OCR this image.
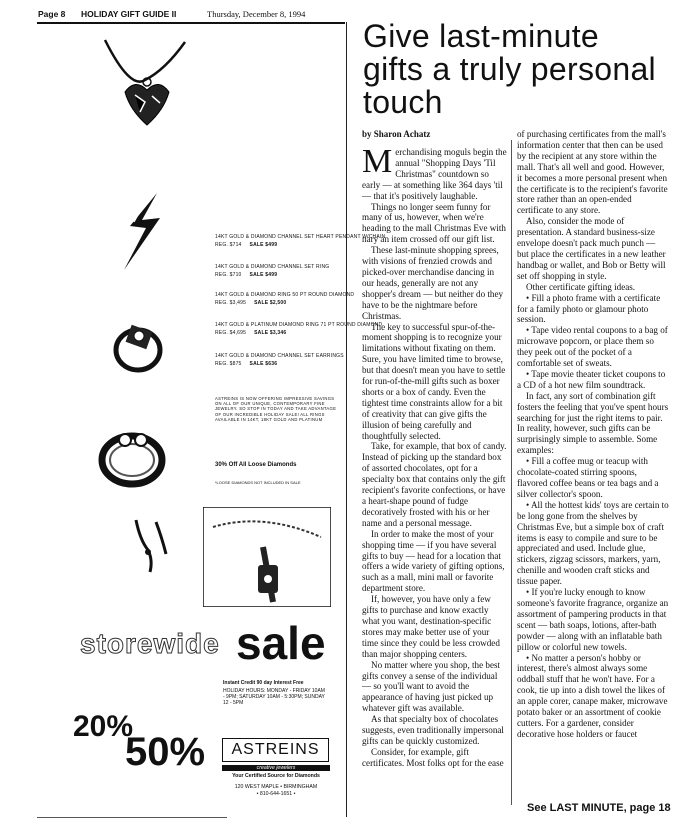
Page 8 HOLIDAY GIFT GUIDE II	Thursday, December 8, 1994
14KT GOLD & DIAMOND CHANNEL SET HEART PENDANT W/CHAIN
REG. $714 SALE $499
14KT GOLD & DIAMOND CHANNEL SET RING
REG. $710 SALE $499
14KT GOLD & DIAMOND RING 50 PT ROUND DIAMOND
REG. $3,495 SALE $2,500
14KT GOLD & PLATINUM DIAMOND RING 71 PT ROUND DIAMOND
REG. $4,695 SALE $3,346
14KT GOLD & DIAMOND CHANNEL SET EARRINGS
REG. $875 SALE $636
ASTREINS IS NOW OFFERING IMPRESSIVE SAVINGS ON ALL OF OUR UNIQUE, CONTEMPORARY FINE JEWELRY. SO STOP IN TODAY AND TAKE ADVANTAGE OF OUR INCREDIBLE HOLIDAY SALE! ALL RINGS AVAILABLE IN 14KT, 18KT GOLD AND PLATINUM
30% Off All Loose Diamonds
*LOOSE DIAMONDS NOT INCLUDED IN SALE
storewide sale
Instant Credit 90 day Interest Free
HOLIDAY HOURS: MONDAY - FRIDAY 10AM - 9PM; SATURDAY 10AM - 5:30PM; SUNDAY 12 - 5PM
20%
50%	ASTREINS
creative jewelers
Your Certified Source for Diamonds
120 WEST MAPLE • BIRMINGHAM
• 810-644-1651 •
Give last-minute gifts a truly personal touch
by Sharon Achatz

Merchandising moguls begin the annual "Shopping Days 'Til Christmas" countdown so early — at something like 364 days 'til — that it's positively laughable.

Things no longer seem funny for many of us, however, when we're heading to the mall Christmas Eve with nary an item crossed off our gift list.

These last-minute shopping sprees, with visions of frenzied crowds and picked-over merchandise dancing in our heads, generally are not any shopper's dream — but neither do they have to be the nightmare before Christmas.

The key to successful spur-of-the-moment shopping is to recognize your limitations without fixating on them. Sure, you have limited time to browse, but that doesn't mean you have to settle for run-of-the-mill gifts such as boxer shorts or a box of candy. Even the tightest time constraints allow for a bit of creativity that can give gifts the illusion of being carefully and thoughtfully selected.

Take, for example, that box of candy. Instead of picking up the standard box of assorted chocolates, opt for a specialty box that contains only the gift recipient's favorite confections, or have a heart-shape pound of fudge decoratively frosted with his or her name and a personal message.

In order to make the most of your shopping time — if you have several gifts to buy — head for a location that offers a wide variety of gifting options, such as a mall, mini mall or favorite department store.

If, however, you have only a few gifts to purchase and know exactly what you want, destination-specific stores may make better use of your time since they could be less crowded than major shopping centers.

No matter where you shop, the best gifts convey a sense of the individual — so you'll want to avoid the appearance of having just picked up whatever gift was available.

As that specialty box of chocolates suggests, even traditionally impersonal gifts can be quickly customized.

Consider, for example, gift certificates. Most folks opt for the ease

of purchasing certificates from the mall's information center that then can be used by the recipient at any store within the mall. That's all well and good. However, it becomes a more personal present when the certificate is to the recipient's favorite store rather than an open-ended certificate to any store.

Also, consider the mode of presentation. A standard business-size envelope doesn't pack much punch — but place the certificates in a new leather handbag or wallet, and Bob or Betty will set off shopping in style.

Other certificate gifting ideas.

• Fill a photo frame with a certificate for a family photo or glamour photo session.

• Tape video rental coupons to a bag of microwave popcorn, or place them so they peek out of the pocket of a comfortable set of sweats.

• Tape movie theater ticket coupons to a CD of a hot new film soundtrack.

In fact, any sort of combination gift fosters the feeling that you've spent hours searching for just the right items to pair. In reality, however, such gifts can be surprisingly simple to assemble. Some examples:

• Fill a coffee mug or teacup with chocolate-coated stirring spoons, flavored coffee beans or tea bags and a silver collector's spoon.

• All the hottest kids' toys are certain to be long gone from the shelves by Christmas Eve, but a simple box of craft items is easy to compile and sure to be appreciated and used. Include glue, stickers, zigzag scissors, markers, yarn, chenille and wooden craft sticks and tissue paper.

• If you're lucky enough to know someone's favorite fragrance, organize an assortment of pampering products in that scent — bath soaps, lotions, after-bath powder — along with an inflatable bath pillow or colorful new towels.

• No matter a person's hobby or interest, there's almost always some oddball stuff that he won't have. For a cook, tie up into a dish towel the likes of an apple corer, canape maker, microwave potato baker or an assortment of cookie cutters. For a gardener, consider decorative hose holders or faucet

See LAST MINUTE, page 18
